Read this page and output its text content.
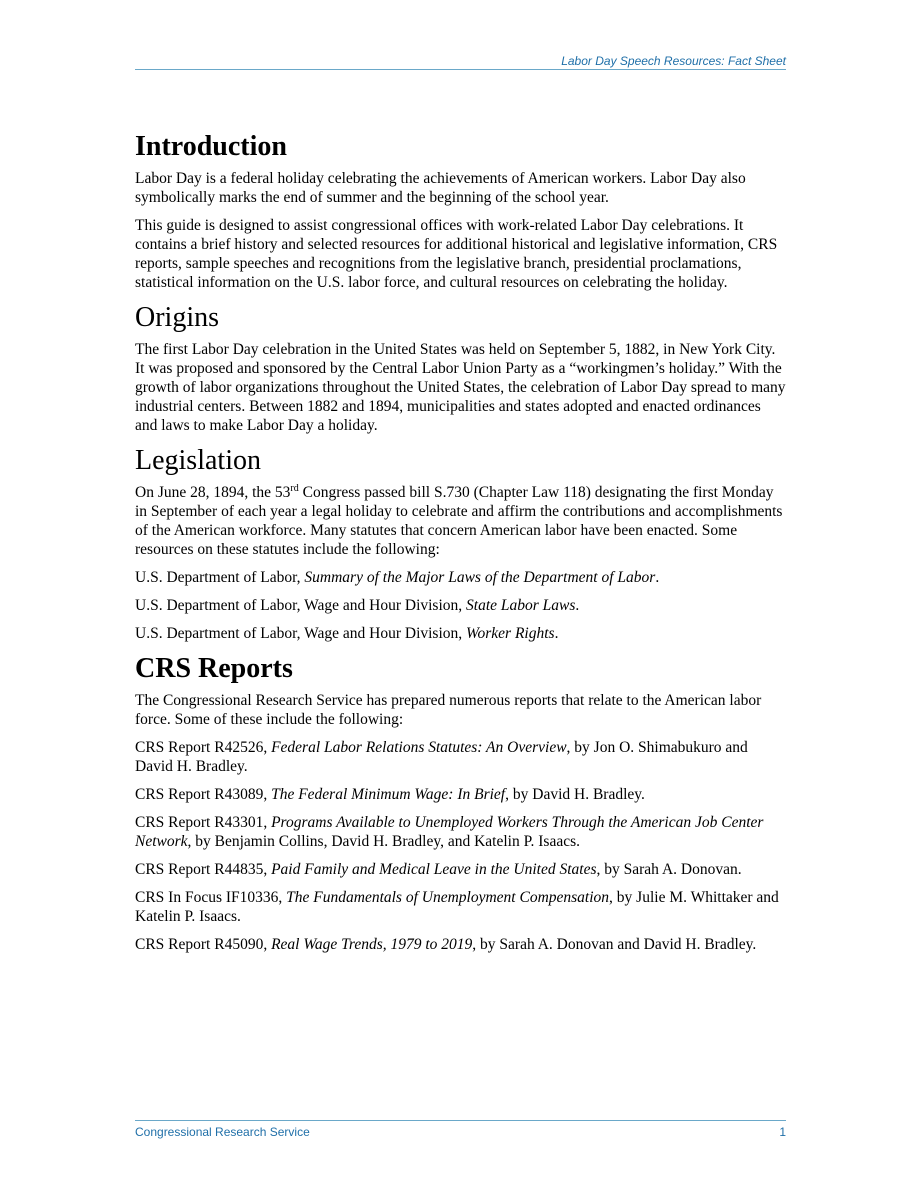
Labor Day Speech Resources: Fact Sheet
Introduction

Labor Day is a federal holiday celebrating the achievements of American workers. Labor Day also symbolically marks the end of summer and the beginning of the school year.

This guide is designed to assist congressional offices with work-related Labor Day celebrations. It contains a brief history and selected resources for additional historical and legislative information, CRS reports, sample speeches and recognitions from the legislative branch, presidential proclamations, statistical information on the U.S. labor force, and cultural resources on celebrating the holiday.

Origins

The first Labor Day celebration in the United States was held on September 5, 1882, in New York City. It was proposed and sponsored by the Central Labor Union Party as a “workingmen’s holiday.” With the growth of labor organizations throughout the United States, the celebration of Labor Day spread to many industrial centers. Between 1882 and 1894, municipalities and states adopted and enacted ordinances and laws to make Labor Day a holiday.

Legislation

On June 28, 1894, the 53rd Congress passed bill S.730 (Chapter Law 118) designating the first Monday in September of each year a legal holiday to celebrate and affirm the contributions and accomplishments of the American workforce. Many statutes that concern American labor have been enacted. Some resources on these statutes include the following:

U.S. Department of Labor, Summary of the Major Laws of the Department of Labor.

U.S. Department of Labor, Wage and Hour Division, State Labor Laws.

U.S. Department of Labor, Wage and Hour Division, Worker Rights.

CRS Reports

The Congressional Research Service has prepared numerous reports that relate to the American labor force. Some of these include the following:

CRS Report R42526, Federal Labor Relations Statutes: An Overview, by Jon O. Shimabukuro and David H. Bradley.

CRS Report R43089, The Federal Minimum Wage: In Brief, by David H. Bradley.

CRS Report R43301, Programs Available to Unemployed Workers Through the American Job Center Network, by Benjamin Collins, David H. Bradley, and Katelin P. Isaacs.

CRS Report R44835, Paid Family and Medical Leave in the United States, by Sarah A. Donovan.

CRS In Focus IF10336, The Fundamentals of Unemployment Compensation, by Julie M. Whittaker and Katelin P. Isaacs.

CRS Report R45090, Real Wage Trends, 1979 to 2019, by Sarah A. Donovan and David H. Bradley.

Congressional Research Service	1
